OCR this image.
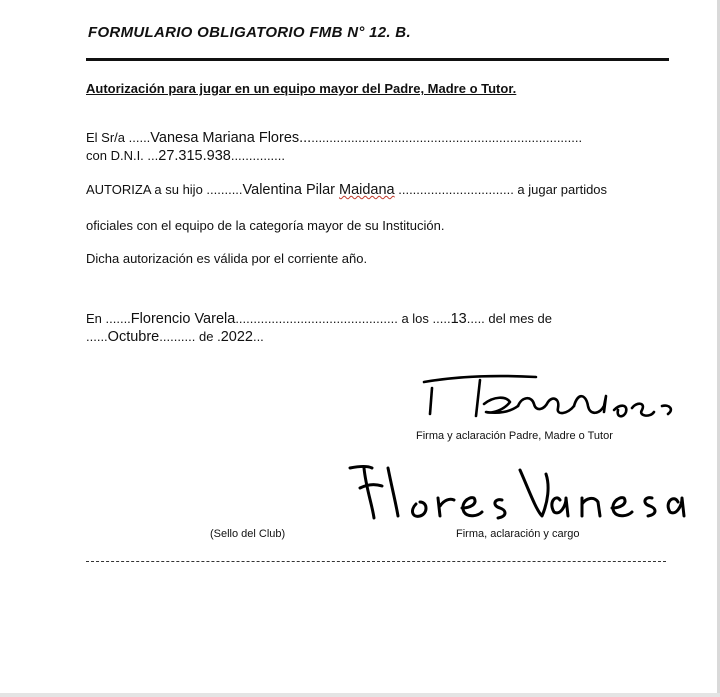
FORMULARIO OBLIGATORIO FMB N° 12. B.
Autorización para jugar en un equipo mayor del Padre, Madre o Tutor.
El Sr/a ......Vanesa Mariana Flores..............................................................................
con D.N.I. ...27.315.938...............
AUTORIZA a su hijo ..........Valentina Pilar Maidana ................................ a jugar partidos
oficiales con el equipo de la categoría mayor de su Institución.
Dicha autorización es válida por el corriente año.
En .......Florencio Varela............................................. a los .....13..... del mes de
......Octubre.......... de .2022...
Firma y aclaración Padre, Madre o Tutor
(Sello del Club)	Firma, aclaración y cargo
